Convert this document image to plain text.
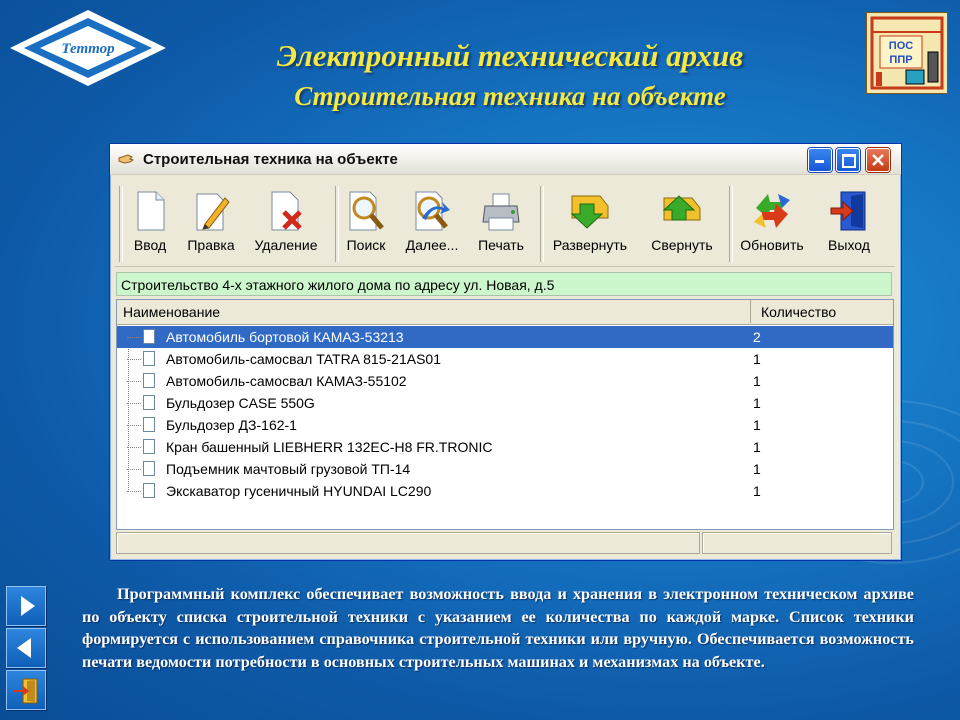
Теттор	Электронный технический архив
Строительная техника на объекте
ПОС
ППР
Строительная техника на объекте
Ввод	Правка	Удаление	Поиск	Далее...	Печать	Развернуть	Свернуть	Обновить	Выход
Строительство 4-х этажного жилого дома по адресу ул. Новая, д.5
Наименование	Количество
Автомобиль бортовой КАМАЗ-53213	2
Автомобиль-самосвал TATRA 815-21AS01	1
Автомобиль-самосвал КАМАЗ-55102	1
Бульдозер CASE 550G	1
Бульдозер ДЗ-162-1	1
Кран башенный LIEBHERR 132EC-H8 FR.TRONIC	1
Подъемник мачтовый грузовой ТП-14	1
Экскаватор гусеничный HYUNDAI LC290	1
Программный комплекс обеспечивает возможность ввода и хранения в электронном техническом архиве по объекту списка строительной техники с указанием ее количества по каждой марке. Список техники формируется с использованием справочника строительной техники или вручную. Обеспечивается возможность печати ведомости потребности в основных строительных машинах и механизмах на объекте.
